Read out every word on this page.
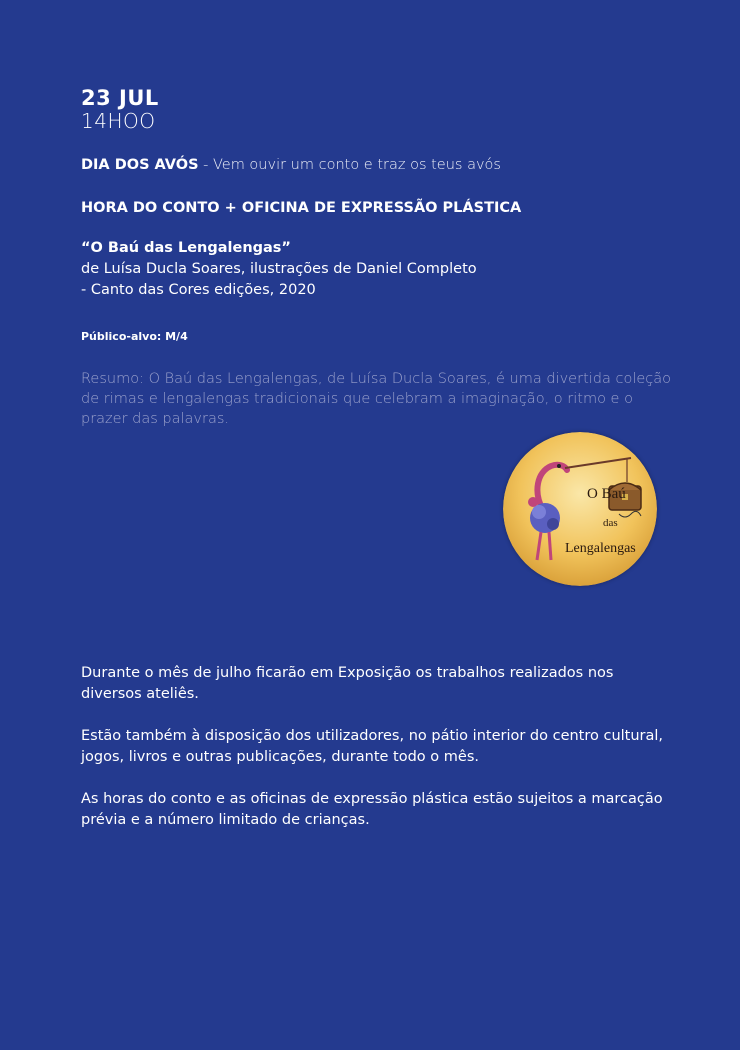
23 JUL
14HOO
DIA DOS AVÓS - Vem ouvir um conto e traz os teus avós
HORA DO CONTO + OFICINA DE EXPRESSÃO PLÁSTICA
“O Baú das Lengalengas”
de Luísa Ducla Soares, ilustrações de Daniel Completo
- Canto das Cores edições, 2020
Público-alvo: M/4
Resumo: O Baú das Lengalengas, de Luísa Ducla Soares, é uma divertida coleção de rimas e lengalengas tradicionais que celebram a imaginação, o ritmo e o prazer das palavras.

Durante o mês de julho ficarão em Exposição os trabalhos realizados nos diversos ateliês.

Estão também à disposição dos utilizadores, no pátio interior do centro cultural, jogos, livros e outras publicações, durante todo o mês.

As horas do conto e as oficinas de expressão plástica estão sujeitos a marcação prévia e a número limitado de crianças.

O Baú
das
Lengalengas
